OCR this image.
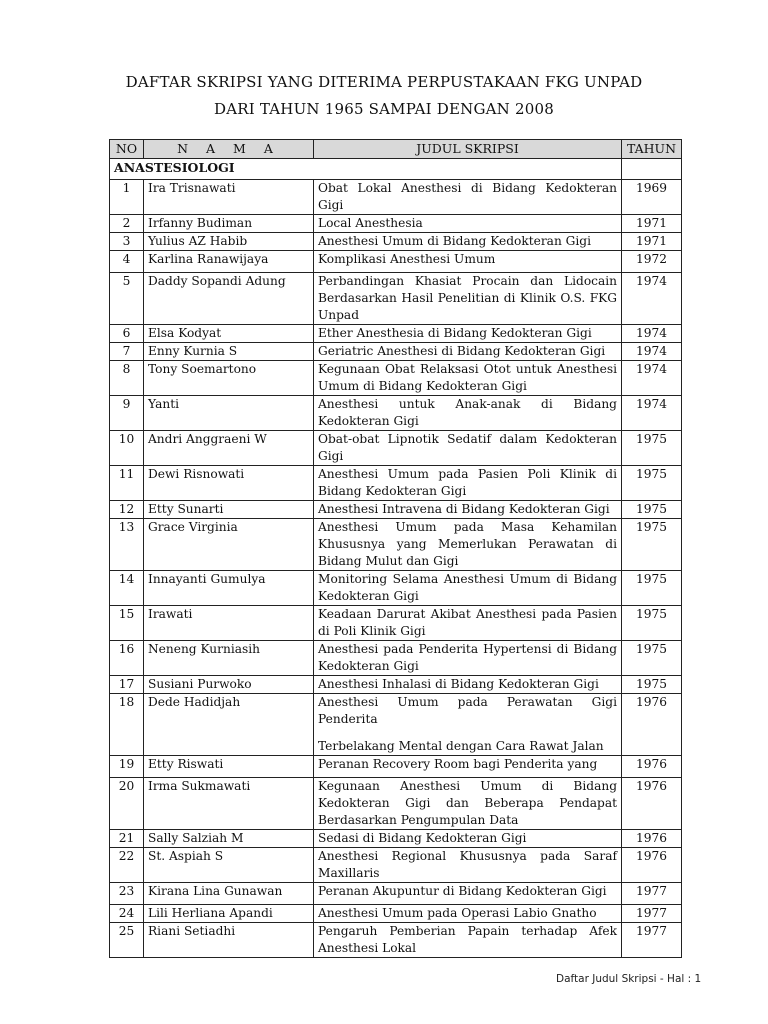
DAFTAR SKRIPSI YANG DITERIMA PERPUSTAKAAN FKG UNPAD
DARI TAHUN 1965 SAMPAI DENGAN 2008
NO	N A M A	JUDUL SKRIPSI	TAHUN
ANASTESIOLOGI			
1	Ira Trisnawati	Obat Lokal Anesthesi di Bidang Kedokteran Gigi	1969
2	Irfanny Budiman	Local Anesthesia	1971
3	Yulius AZ Habib	Anesthesi Umum di Bidang Kedokteran Gigi	1971
4	Karlina Ranawijaya	Komplikasi Anesthesi Umum	1972
5	Daddy Sopandi Adung	Perbandingan Khasiat Procain dan Lidocain Berdasarkan Hasil Penelitian di Klinik O.S. FKG Unpad	1974
6	Elsa Kodyat	Ether Anesthesia di Bidang Kedokteran Gigi	1974
7	Enny Kurnia S	Geriatric Anesthesi di Bidang Kedokteran Gigi	1974
8	Tony Soemartono	Kegunaan Obat Relaksasi Otot untuk Anesthesi Umum di Bidang Kedokteran Gigi	1974
9	Yanti	Anesthesi untuk Anak-anak di Bidang Kedokteran Gigi	1974
10	Andri Anggraeni W	Obat-obat Lipnotik Sedatif dalam Kedokteran Gigi	1975
11	Dewi Risnowati	Anesthesi Umum pada Pasien Poli Klinik di Bidang Kedokteran Gigi	1975
12	Etty Sunarti	Anesthesi Intravena di Bidang Kedokteran Gigi	1975
13	Grace Virginia	Anesthesi Umum pada Masa Kehamilan Khususnya yang Memerlukan Perawatan di Bidang Mulut dan Gigi	1975
14	Innayanti Gumulya	Monitoring Selama Anesthesi Umum di Bidang Kedokteran Gigi	1975
15	Irawati	Keadaan Darurat Akibat Anesthesi pada Pasien di Poli Klinik Gigi	1975
16	Neneng Kurniasih	Anesthesi pada Penderita Hypertensi di Bidang Kedokteran Gigi	1975
17	Susiani Purwoko	Anesthesi Inhalasi di Bidang Kedokteran Gigi	1975
18	Dede Hadidjah	Anesthesi Umum pada Perawatan Gigi Penderita
Terbelakang Mental dengan Cara Rawat Jalan	1976
19	Etty Riswati	Peranan Recovery Room bagi Penderita yang	1976
20	Irma Sukmawati	Kegunaan Anesthesi Umum di Bidang Kedokteran Gigi dan Beberapa Pendapat Berdasarkan Pengumpulan Data	1976
21	Sally Salziah M	Sedasi di Bidang Kedokteran Gigi	1976
22	St. Aspiah S	Anesthesi Regional Khususnya pada Saraf Maxillaris	1976
23	Kirana Lina Gunawan	Peranan Akupuntur di Bidang Kedokteran Gigi	1977
24	Lili Herliana Apandi	Anesthesi Umum pada Operasi Labio Gnatho	1977
25	Riani Setiadhi	Pengaruh Pemberian Papain terhadap Afek Anesthesi Lokal	1977
Daftar Judul Skripsi - Hal : 1
